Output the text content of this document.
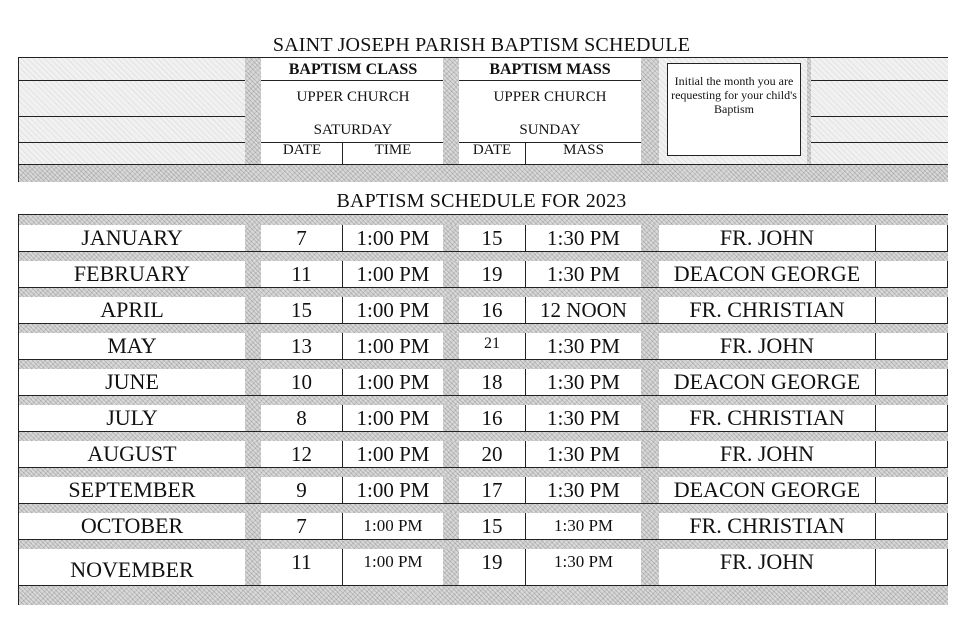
SAINT JOSEPH PARISH BAPTISM SCHEDULE
BAPTISM CLASS
UPPER CHURCH
SATURDAY
DATE	TIME
BAPTISM MASS
UPPER CHURCH
SUNDAY
DATE	MASS
Initial the month you are requesting for your child's Baptism
BAPTISM SCHEDULE FOR 2023
JANUARY	7	1:00 PM	15	1:30 PM	FR. JOHN
FEBRUARY	11	1:00 PM	19	1:30 PM	DEACON GEORGE
APRIL	15	1:00 PM	16	12 NOON	FR. CHRISTIAN
MAY	13	1:00 PM	21	1:30 PM	FR. JOHN
JUNE	10	1:00 PM	18	1:30 PM	DEACON GEORGE
JULY	8	1:00 PM	16	1:30 PM	FR. CHRISTIAN
AUGUST	12	1:00 PM	20	1:30 PM	FR. JOHN
SEPTEMBER	9	1:00 PM	17	1:30 PM	DEACON GEORGE
OCTOBER	7	1:00 PM	15	1:30 PM	FR. CHRISTIAN
NOVEMBER	11	1:00 PM	19	1:30 PM	FR. JOHN
